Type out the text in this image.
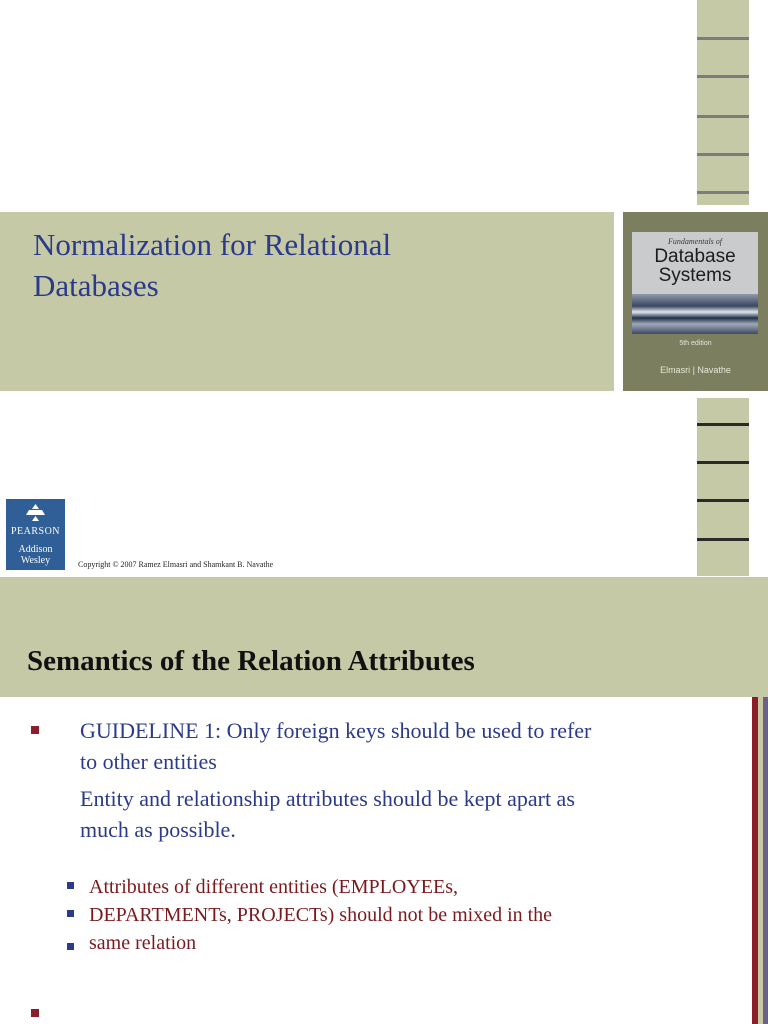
Normalization for Relational
Databases
Fundamentals of
Database
Systems
5th edition
Elmasri | Navathe
PEARSON
Addison
Wesley	Copyright © 2007 Ramez Elmasri and Shamkant B. Navathe
Semantics of the Relation Attributes
GUIDELINE 1: Only foreign keys should be used to refer
to other entities
Entity and relationship attributes should be kept apart as
much as possible.
Attributes of different entities (EMPLOYEEs,
DEPARTMENTs, PROJECTs) should not be mixed in the
same relation
